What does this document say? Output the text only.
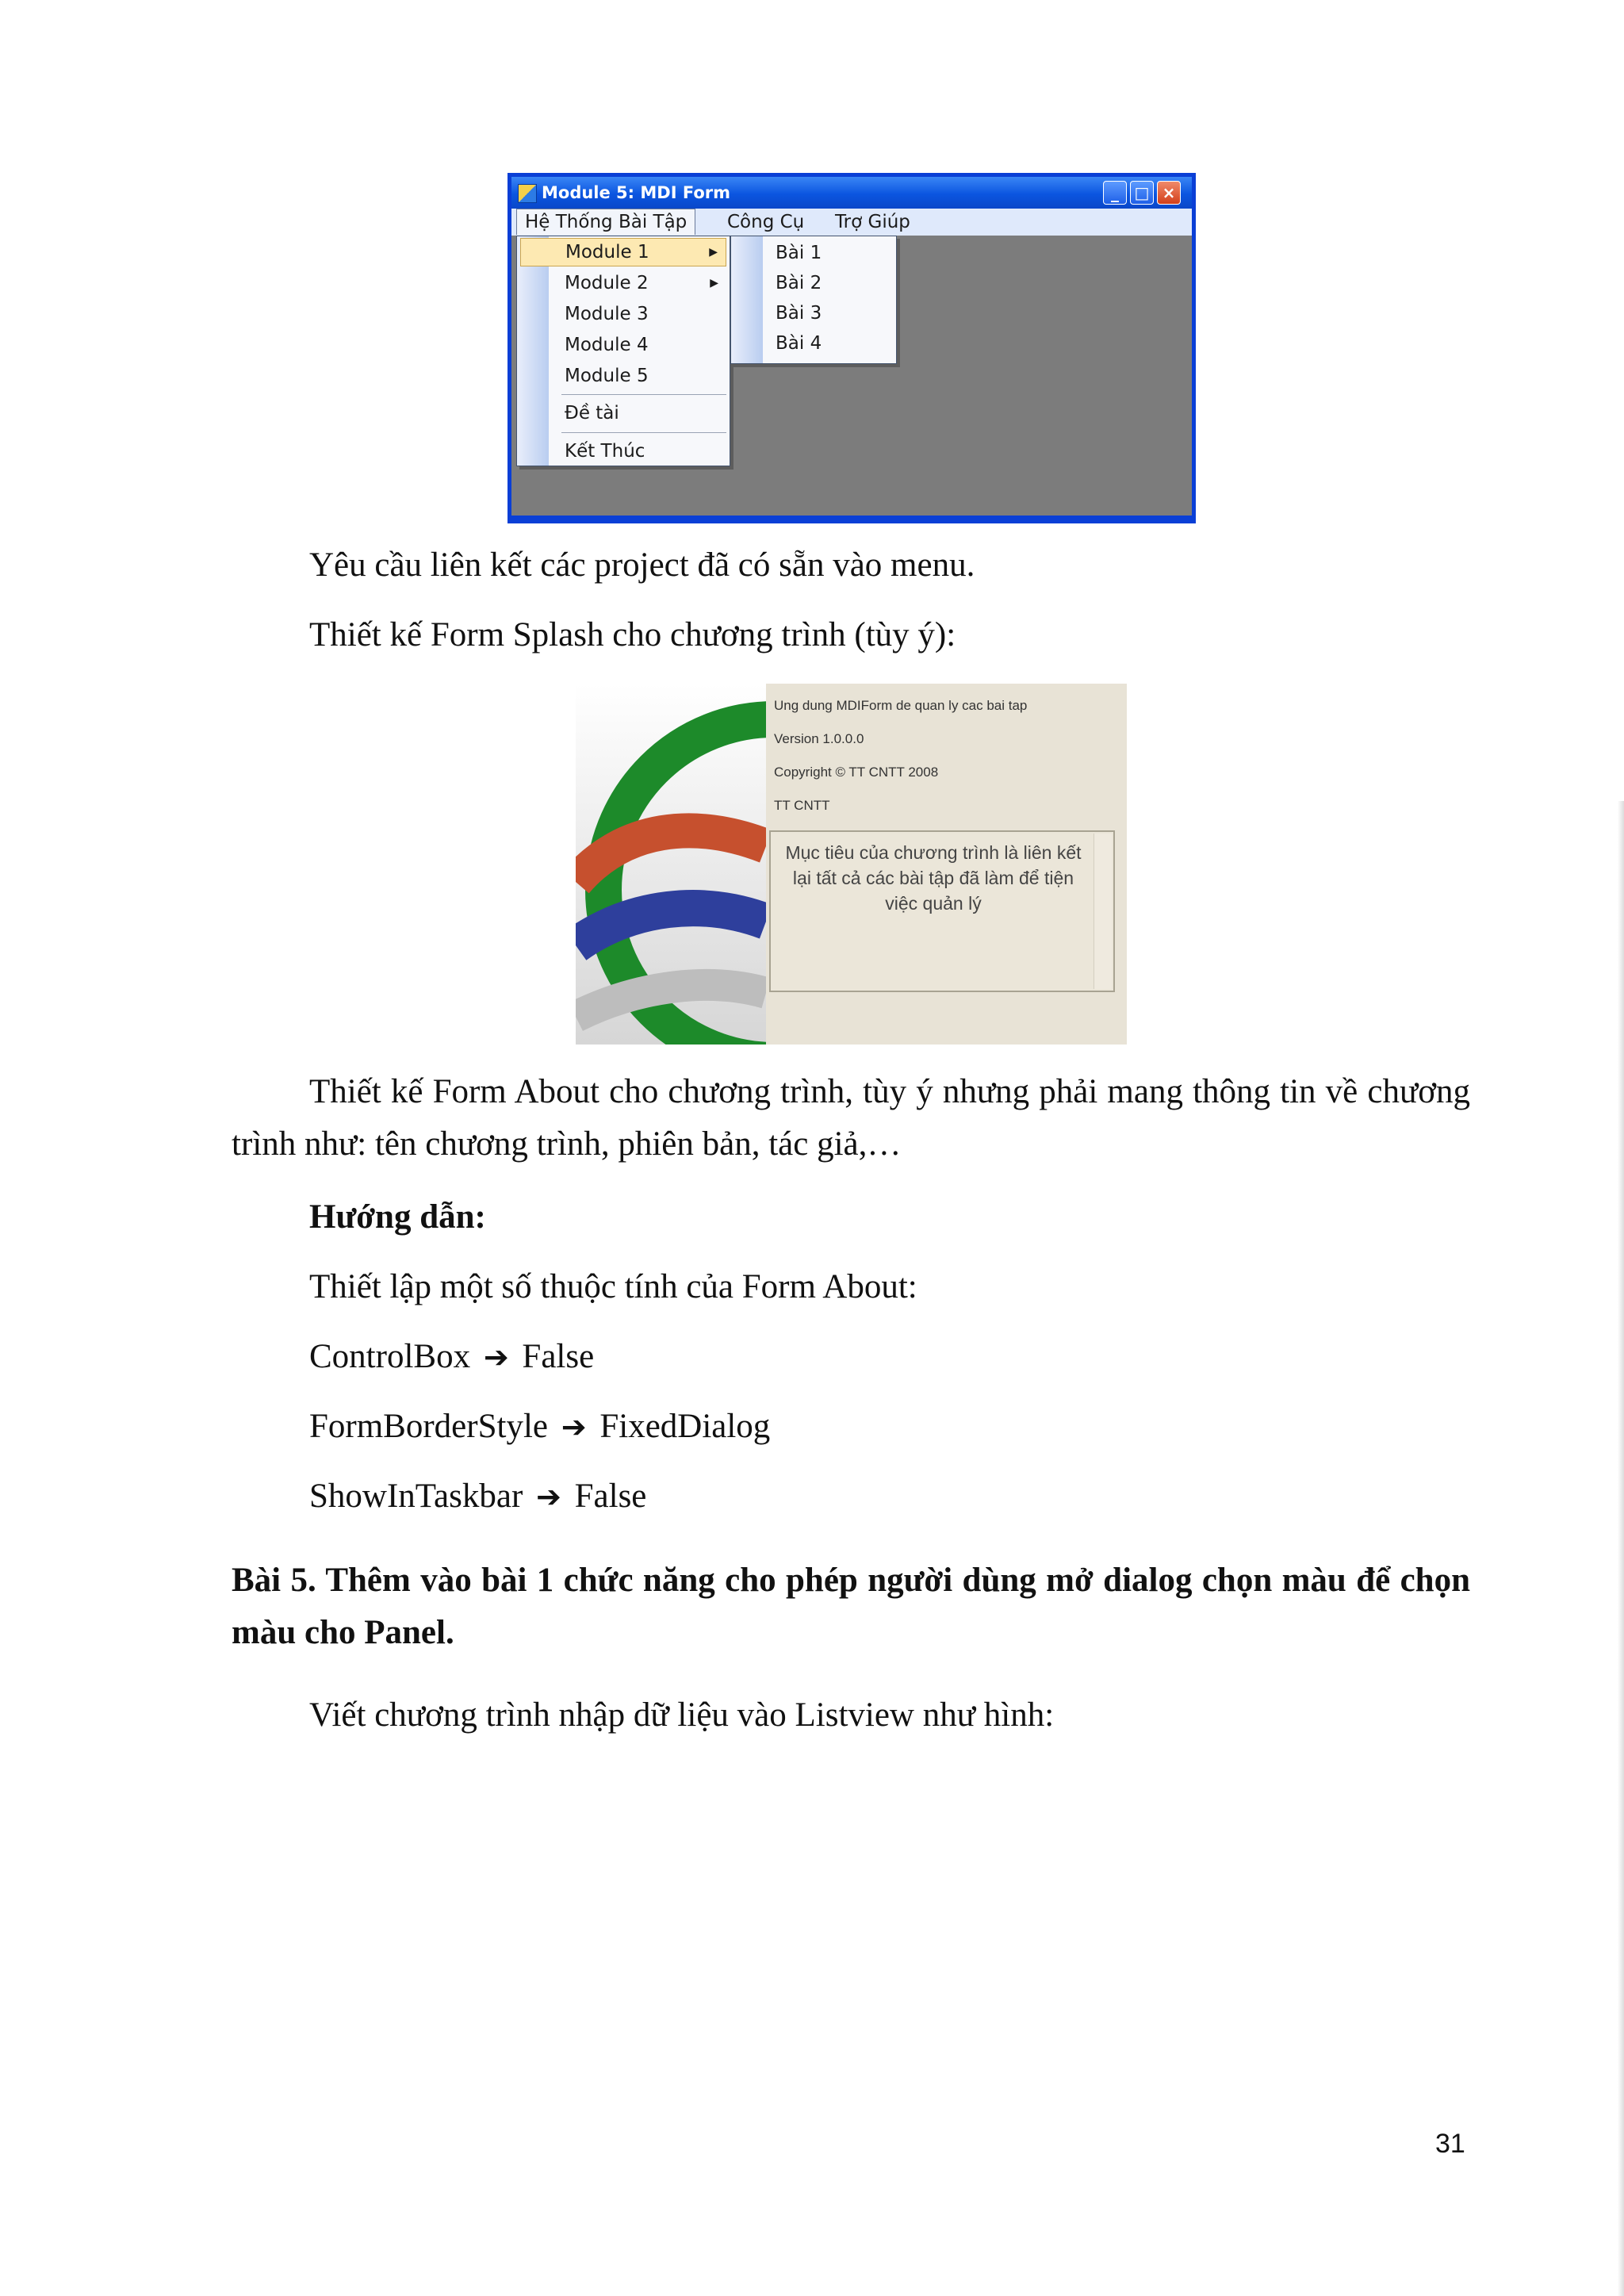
Module 5: MDI Form	_ □ ×
Hệ Thống Bài Tập	Công Cụ	Trợ Giúp
Module 1	▶
Module 2	▶
Module 3
Module 4
Module 5
Đề tài
Kết Thúc
Bài 1
Bài 2
Bài 3
Bài 4

Yêu cầu liên kết các project đã có sẵn vào menu.

Thiết kế Form Splash cho chương trình (tùy ý):

Ung dung MDIForm de quan ly cac bai tap
Version 1.0.0.0
Copyright © TT CNTT 2008
TT CNTT
Mục tiêu của chương trình là liên kết lại tất cả các bài tập đã làm để tiện việc quản lý

Thiết kế Form About cho chương trình, tùy ý nhưng phải mang thông tin về chương trình như: tên chương trình, phiên bản, tác giả,…

Hướng dẫn:

Thiết lập một số thuộc tính của Form About:

ControlBox ➔ False

FormBorderStyle ➔ FixedDialog

ShowInTaskbar ➔ False

Bài 5. Thêm vào bài 1 chức năng cho phép người dùng mở dialog chọn màu để chọn màu cho Panel.

Viết chương trình nhập dữ liệu vào Listview như hình:

31
